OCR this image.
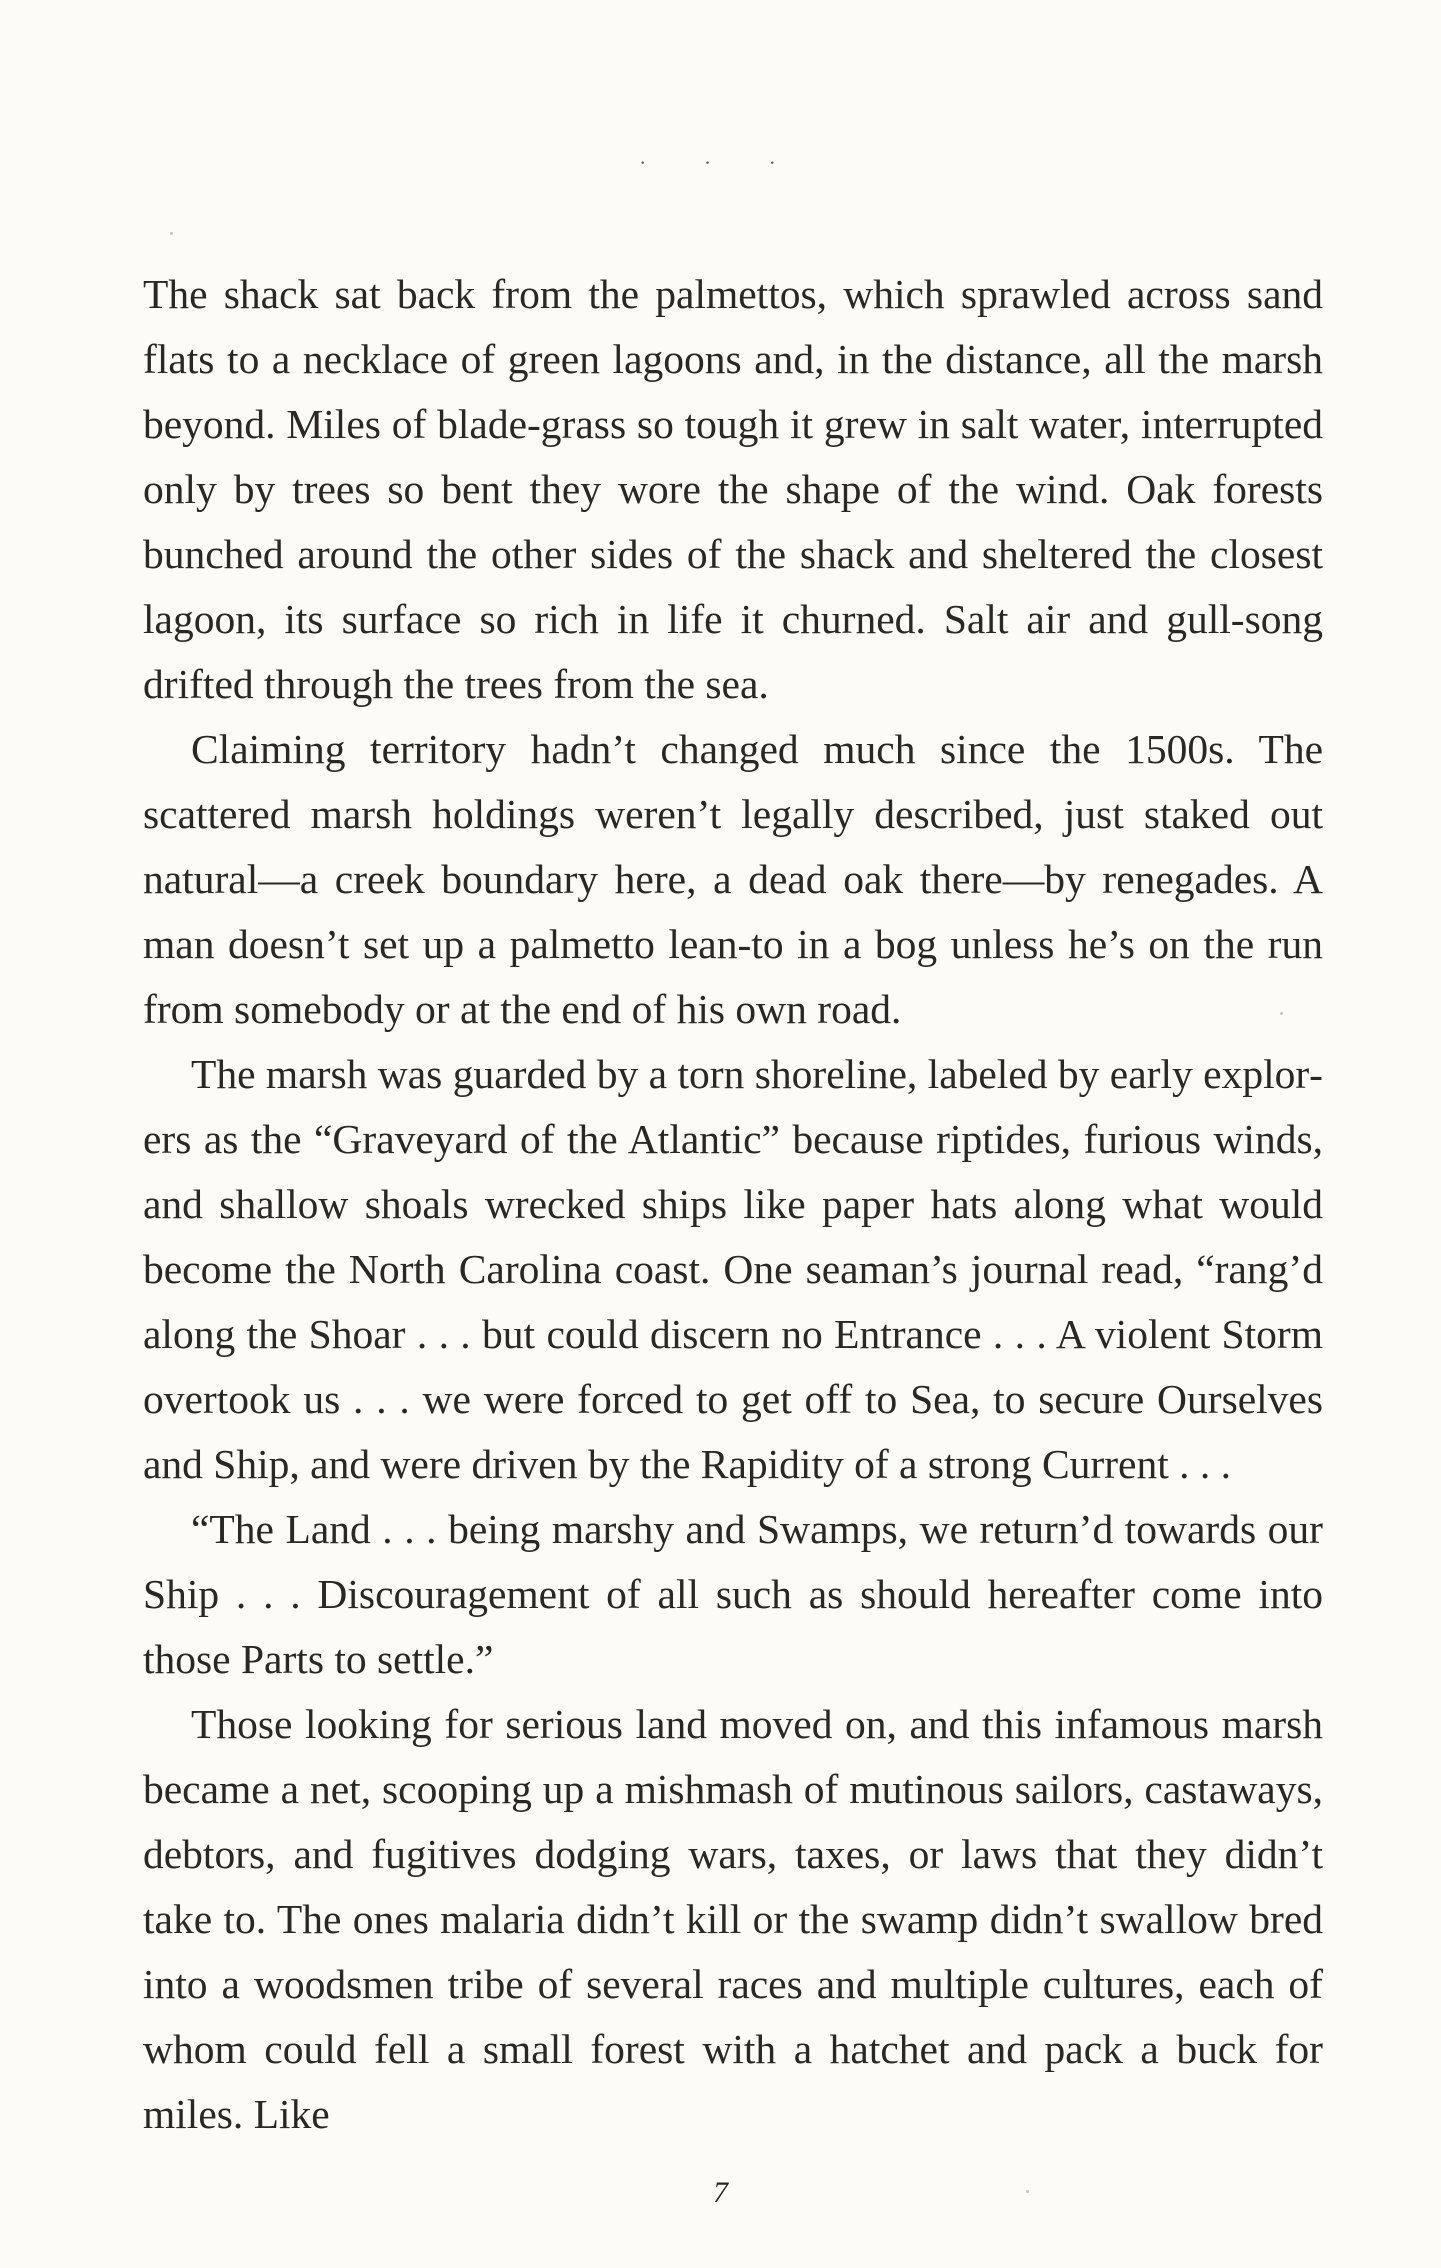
· · ·

The shack sat back from the palmettos, which sprawled across sand flats to a necklace of green lagoons and, in the distance, all the marsh beyond. Miles of blade-grass so tough it grew in salt water, interrupted only by trees so bent they wore the shape of the wind. Oak forests bunched around the other sides of the shack and sheltered the closest lagoon, its surface so rich in life it churned. Salt air and gull-song drifted through the trees from the sea.

Claiming territory hadn’t changed much since the 1500s. The scattered marsh holdings weren’t legally described, just staked out natural—a creek boundary here, a dead oak there—by renegades. A man doesn’t set up a palmetto lean-to in a bog unless he’s on the run from somebody or at the end of his own road.

The marsh was guarded by a torn shoreline, labeled by early explorers as the “Graveyard of the Atlantic” because riptides, furious winds, and shallow shoals wrecked ships like paper hats along what would become the North Carolina coast. One seaman’s journal read, “rang’d along the Shoar . . . but could discern no Entrance . . . A violent Storm overtook us . . . we were forced to get off to Sea, to secure Ourselves and Ship, and were driven by the Rapidity of a strong Current . . .

“The Land . . . being marshy and Swamps, we return’d towards our Ship . . . Discouragement of all such as should hereafter come into those Parts to settle.”

Those looking for serious land moved on, and this infamous marsh became a net, scooping up a mishmash of mutinous sailors, castaways, debtors, and fugitives dodging wars, taxes, or laws that they didn’t take to. The ones malaria didn’t kill or the swamp didn’t swallow bred into a woodsmen tribe of several races and multiple cultures, each of whom could fell a small forest with a hatchet and pack a buck for miles. Like

7
